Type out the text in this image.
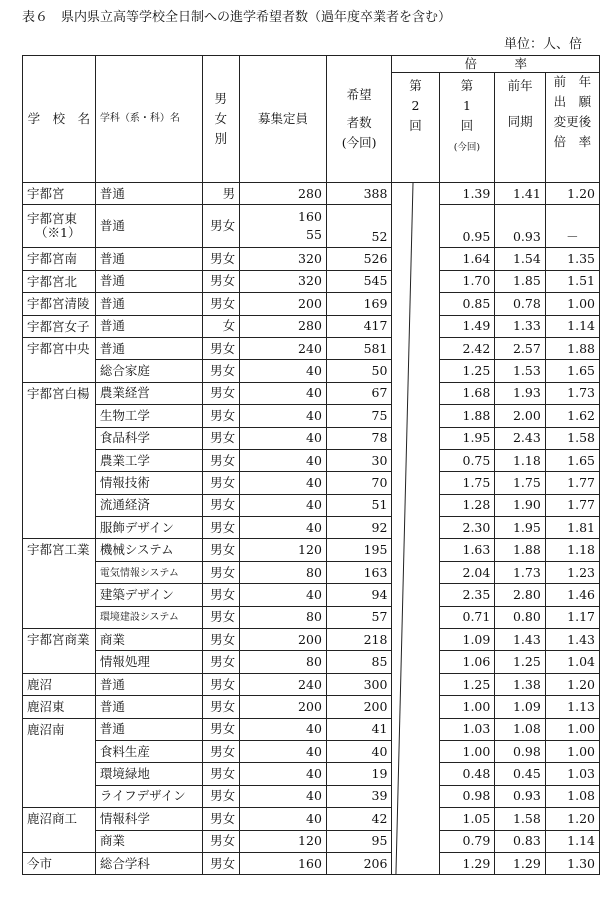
表６　県内県立高等学校全日制への進学希望者数（過年度卒業者を含む）
単位：人、倍
学　校　名	学科（系・科）名	男
女
別	募集定員	希望
者数
(今回)	倍　　　率			

					第
2
回	第
1
回
(今回)	前年
同期	前　年
出　願
変更後
倍　率

宇都宮	普通	男	280	388		1.39	1.41	1.20

宇都宮東
（※1）	普通	男女	160
55	52		0.95	0.93	－
宇都宮南	普通	男女	320	526		1.64	1.54	1.35
宇都宮北	普通	男女	320	545		1.70	1.85	1.51
宇都宮清陵	普通	男女	200	169		0.85	0.78	1.00
宇都宮女子	普通	女	280	417		1.49	1.33	1.14
宇都宮中央	普通	男女	240	581		2.42	2.57	1.88
	総合家庭	男女	40	50		1.25	1.53	1.65
宇都宮白楊	農業経営	男女	40	67		1.68	1.93	1.73
	生物工学	男女	40	75		1.88	2.00	1.62
	食品科学	男女	40	78		1.95	2.43	1.58
	農業工学	男女	40	30		0.75	1.18	1.65
	情報技術	男女	40	70		1.75	1.75	1.77
	流通経済	男女	40	51		1.28	1.90	1.77
	服飾デザイン	男女	40	92		2.30	1.95	1.81
宇都宮工業	機械システム	男女	120	195		1.63	1.88	1.18
	電気情報システム	男女	80	163		2.04	1.73	1.23
	建築デザイン	男女	40	94		2.35	2.80	1.46
	環境建設システム	男女	80	57		0.71	0.80	1.17
宇都宮商業	商業	男女	200	218		1.09	1.43	1.43
	情報処理	男女	80	85		1.06	1.25	1.04
鹿沼	普通	男女	240	300		1.25	1.38	1.20
鹿沼東	普通	男女	200	200		1.00	1.09	1.13
鹿沼南	普通	男女	40	41		1.03	1.08	1.00
	食料生産	男女	40	40		1.00	0.98	1.00
	環境緑地	男女	40	19		0.48	0.45	1.03
	ライフデザイン	男女	40	39		0.98	0.93	1.08
鹿沼商工	情報科学	男女	40	42		1.05	1.58	1.20
	商業	男女	120	95		0.79	0.83	1.14
今市	総合学科	男女	160	206		1.29	1.29	1.30
